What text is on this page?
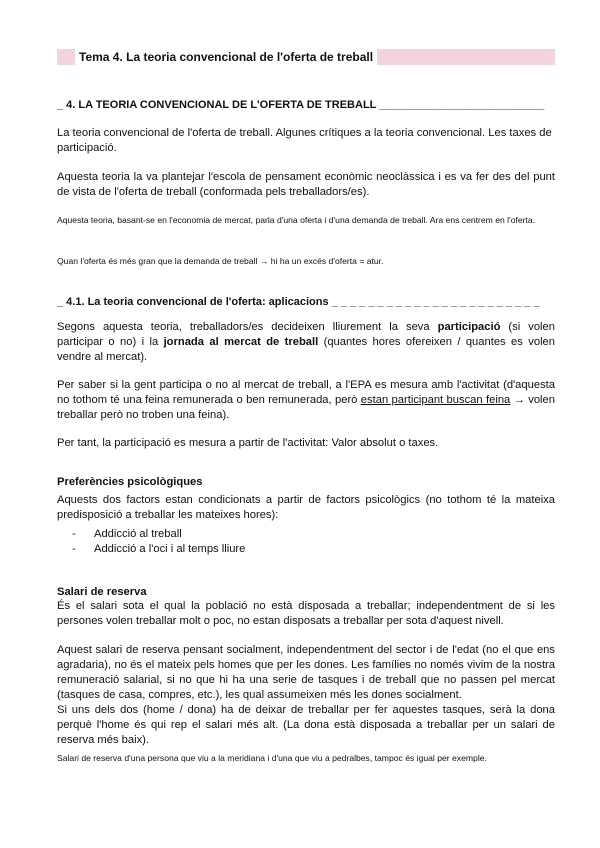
Tema 4. La teoria convencional de l'oferta de treball
_ 4. LA TEORIA CONVENCIONAL DE L'OFERTA DE TREBALL ___________________________

La teoria convencional de l'oferta de treball. Algunes crítiques a la teoria convencional. Les taxes de participació.

Aquesta teoria la va plantejar l'escola de pensament econòmic neoclàssica i es va fer des del punt de vista de l'oferta de treball (conformada pels treballadors/es).

Aquesta teoria, basant-se en l'economia de mercat, parla d'una oferta i d'una demanda de treball. Ara ens centrem en l'oferta.

Quan l'oferta és més gran que la demanda de treball → hi ha un excés d'oferta = atur.

_ 4.1. La teoria convencional de l'oferta: aplicacions _ _ _ _ _ _ _ _ _ _ _ _ _ _ _ _ _ _ _ _ _ _ _

Segons aquesta teoria, treballadors/es decideixen lliurement la seva participació (si volen participar o no) i la jornada al mercat de treball (quantes hores ofereixen / quantes es volen vendre al mercat).

Per saber si la gent participa o no al mercat de treball, a l'EPA es mesura amb l'activitat (d'aquesta no tothom té una feina remunerada o ben remunerada, però estan participant buscan feina → volen treballar però no troben una feina).

Per tant, la participació es mesura a partir de l'activitat: Valor absolut o taxes.

Preferències psicològiques

Aquests dos factors estan condicionats a partir de factors psicològics (no tothom té la mateixa predisposició a treballar les mateixes hores):

-	Addicció al treball
-	Addicció a l'oci i al temps lliure
Salari de reserva

És el salari sota el qual la població no està disposada a treballar; independentment de si les persones volen treballar molt o poc, no estan disposats a treballar per sota d'aquest nivell.

Aquest salari de reserva pensant socialment, independentment del sector i de l'edat (no el que ens agradaria), no és el mateix pels homes que per les dones. Les famílies no només vivim de la nostra remuneració salarial, si no que hi ha una serie de tasques i de treball que no passen pel mercat (tasques de casa, compres, etc.), les qual assumeixen més les dones socialment.

Si uns dels dos (home / dona) ha de deixar de treballar per fer aquestes tasques, serà la dona perquè l'home és qui rep el salari més alt. (La dona està disposada a treballar per un salari de reserva més baix).

Salari de reserva d'una persona que viu a la meridiana i d'una que viu a pedralbes, tampoc és igual per exemple.
